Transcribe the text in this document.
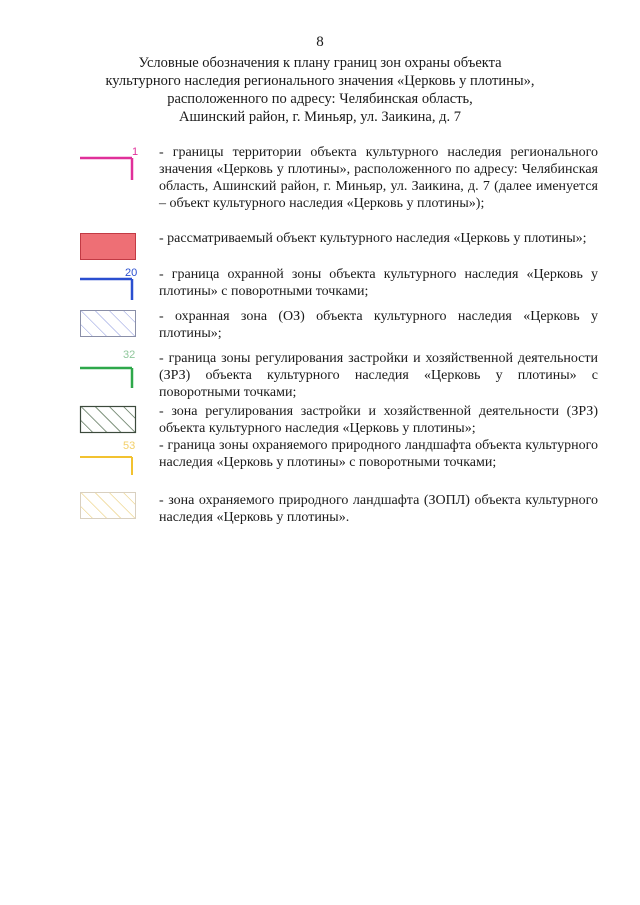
8
Условные обозначения к плану границ зон охраны объекта
культурного наследия регионального значения «Церковь у плотины»,
расположенного по адресу: Челябинская область,
Ашинский район, г. Миньяр, ул. Заикина, д. 7
1 - границы территории объекта культурного наследия регионального значения «Церковь у плотины», расположенного по адресу: Челябинская область, Ашинский район, г. Миньяр, ул. Заикина, д. 7 (далее именуется – объект культурного наследия «Церковь у плотины»);
- рассматриваемый объект культурного наследия «Церковь у плотины»;
20 - граница охранной зоны объекта культурного наследия «Церковь у плотины» с поворотными точками;
- охранная зона (ОЗ) объекта культурного наследия «Церковь у плотины»;
32 - граница зоны регулирования застройки и хозяйственной деятельности (ЗРЗ) объекта культурного наследия «Церковь у плотины» с поворотными точками;
- зона регулирования застройки и хозяйственной деятельности (ЗРЗ) объекта культурного наследия «Церковь у плотины»;
53 - граница зоны охраняемого природного ландшафта объекта культурного наследия «Церковь у плотины» с поворотными точками;
- зона охраняемого природного ландшафта (ЗОПЛ) объекта культурного наследия «Церковь у плотины».
